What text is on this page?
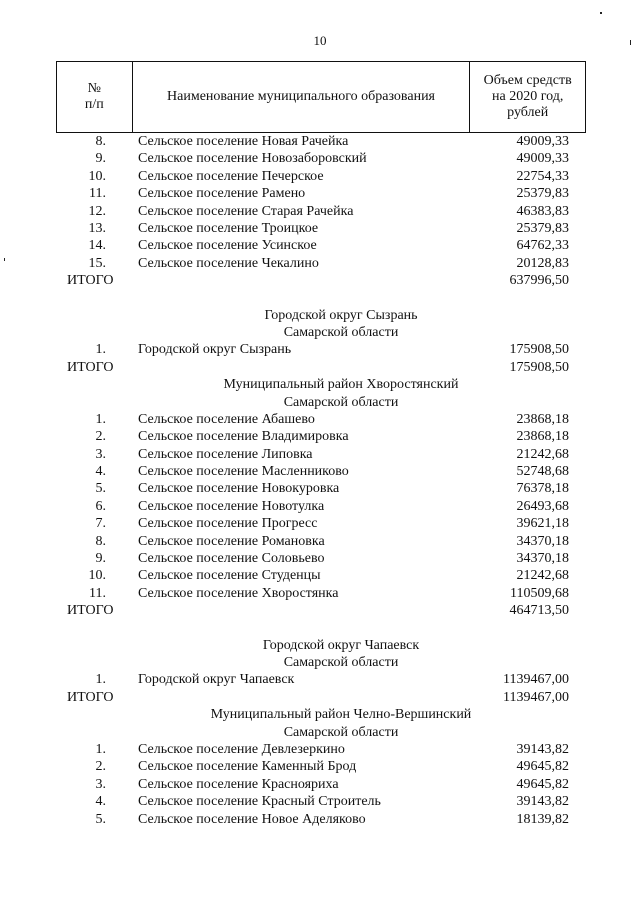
10
№
п/п	Наименование муниципального образования	Объем средств
на 2020 год,
рублей
8. Сельское поселение Новая Рачейка	49009,33
9. Сельское поселение Новозаборовский	49009,33
10. Сельское поселение Печерское	22754,33
11. Сельское поселение Рамено	25379,83
12. Сельское поселение Старая Рачейка	46383,83
13. Сельское поселение Троицкое	25379,83
14. Сельское поселение Усинское	64762,33
15. Сельское поселение Чекалино	20128,83
ИТОГО	637996,50
Городской округ Сызрань
Самарской области
1. Городской округ Сызрань	175908,50
ИТОГО	175908,50
Муниципальный район Хворостянский
Самарской области
1. Сельское поселение Абашево	23868,18
2. Сельское поселение Владимировка	23868,18
3. Сельское поселение Липовка	21242,68
4. Сельское поселение Масленниково	52748,68
5. Сельское поселение Новокуровка	76378,18
6. Сельское поселение Новотулка	26493,68
7. Сельское поселение Прогресс	39621,18
8. Сельское поселение Романовка	34370,18
9. Сельское поселение Соловьево	34370,18
10. Сельское поселение Студенцы	21242,68
11. Сельское поселение Хворостянка	110509,68
ИТОГО	464713,50
Городской округ Чапаевск
Самарской области
1. Городской округ Чапаевск	1139467,00
ИТОГО	1139467,00
Муниципальный район Челно-Вершинский
Самарской области
1. Сельское поселение Девлезеркино	39143,82
2. Сельское поселение Каменный Брод	49645,82
3. Сельское поселение Краснояриха	49645,82
4. Сельское поселение Красный Строитель	39143,82
5. Сельское поселение Новое Аделяково	18139,82
